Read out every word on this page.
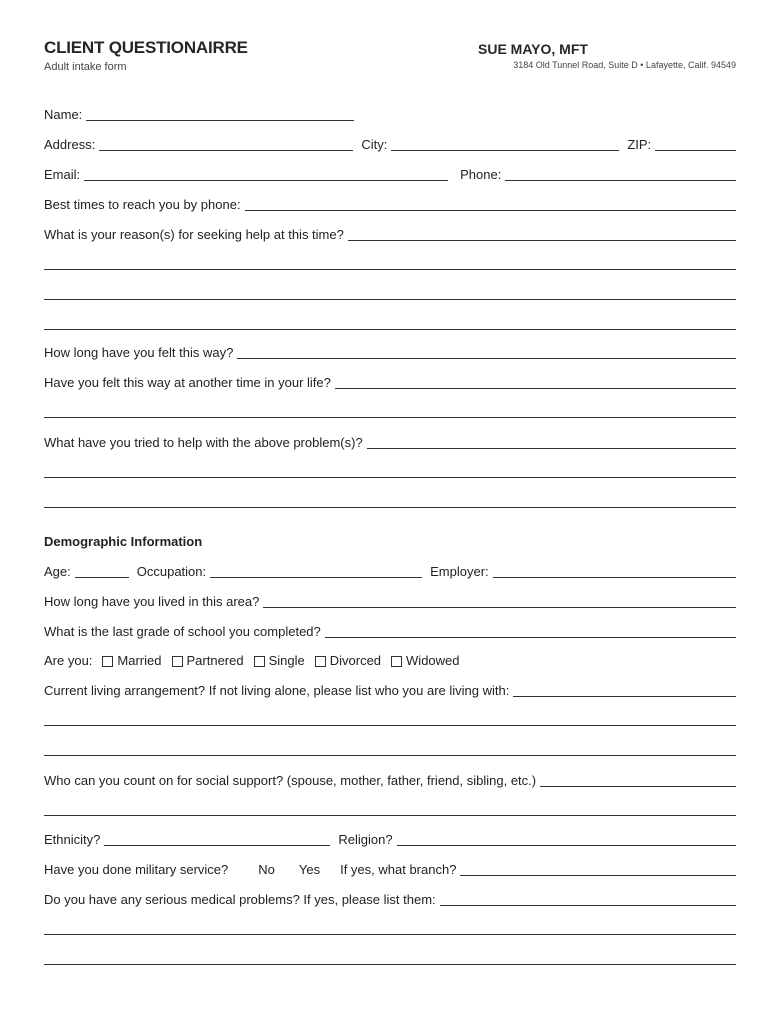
CLIENT QUESTIONAIRRE
Adult intake form
SUE MAYO, MFT
3184 Old Tunnel Road, Suite D • Lafayette, Calif. 94549
Name:
Address:	City:	ZIP:
Email:	Phone:
Best times to reach you by phone:
What is your reason(s) for seeking help at this time?
How long have you felt this way?
Have you felt this way at another time in your life?
What have you tried to help with the above problem(s)?
Demographic Information
Age:	Occupation:	Employer:
How long have you lived in this area?
What is the last grade of school you completed?
Are you: Married Partnered Single Divorced Widowed
Current living arrangement? If not living alone, please list who you are living with:
Who can you count on for social support? (spouse, mother, father, friend, sibling, etc.)
Ethnicity?	Religion?
Have you done military service? No Yes If yes, what branch?
Do you have any serious medical problems? If yes, please list them:
